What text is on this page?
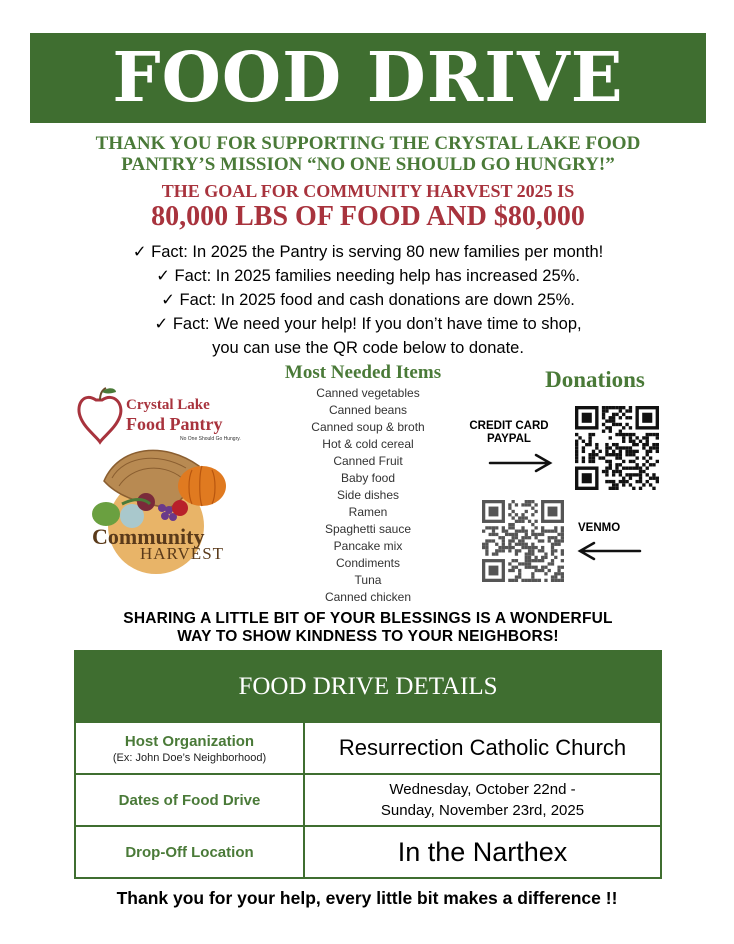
FOOD DRIVE
THANK YOU FOR SUPPORTING THE CRYSTAL LAKE FOOD
PANTRY’S MISSION “NO ONE SHOULD GO HUNGRY!”
THE GOAL FOR COMMUNITY HARVEST 2025 IS
80,000 LBS OF FOOD AND $80,000
✓ Fact: In 2025 the Pantry is serving 80 new families per month!
✓ Fact: In 2025 families needing help has increased 25%.
✓ Fact: In 2025 food and cash donations are down 25%.
✓ Fact: We need your help! If you don’t have time to shop,
you can use the QR code below to donate.
Crystal Lake
Food Pantry
No One Should Go Hungry.
Community
HARVEST
Most Needed Items
Canned vegetables
Canned beans
Canned soup & broth
Hot & cold cereal
Canned Fruit
Baby food
Side dishes
Ramen
Spaghetti sauce
Pancake mix
Condiments
Tuna
Canned chicken
Donations
CREDIT CARD
PAYPAL
VENMO
SHARING A LITTLE BIT OF YOUR BLESSINGS IS A WONDERFUL
WAY TO SHOW KINDNESS TO YOUR NEIGHBORS!
FOOD DRIVE DETAILS
Host Organization
(Ex: John Doe’s Neighborhood)	Resurrection Catholic Church
Dates of Food Drive
Wednesday, October 22nd -
Sunday, November 23rd, 2025
Drop-Off Location	In the Narthex
Thank you for your help, every little bit makes a difference !!
